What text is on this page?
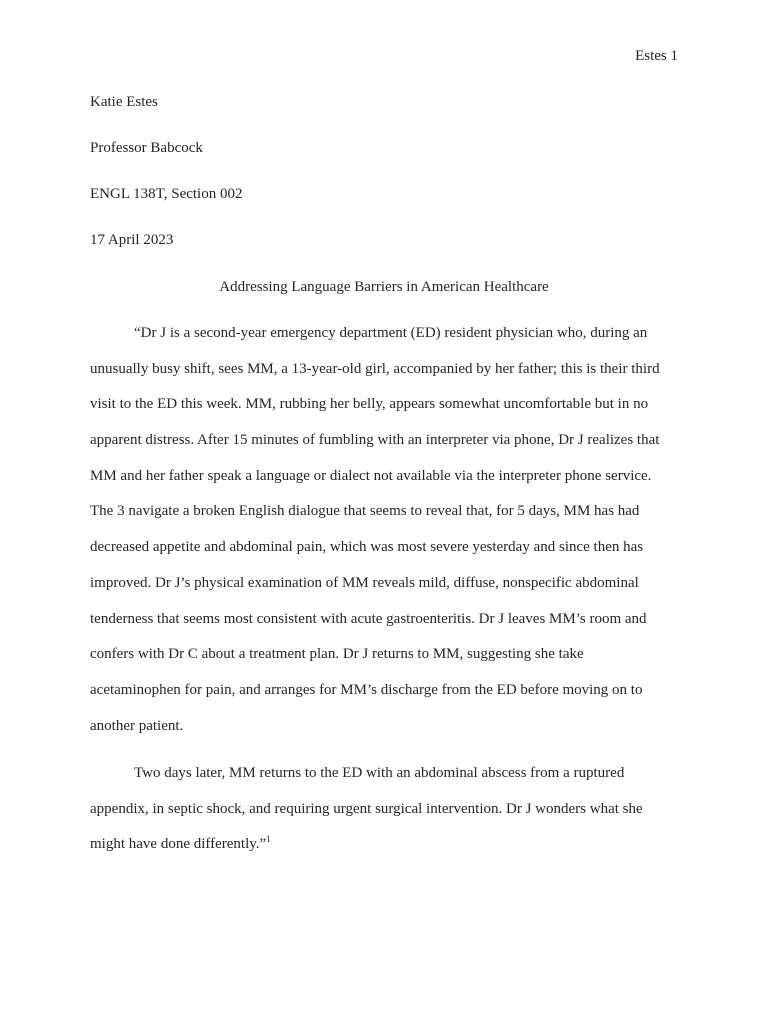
Estes 1
Katie Estes
Professor Babcock
ENGL 138T, Section 002
17 April 2023
Addressing Language Barriers in American Healthcare
“Dr J is a second-year emergency department (ED) resident physician who, during an
unusually busy shift, sees MM, a 13-year-old girl, accompanied by her father; this is their third
visit to the ED this week. MM, rubbing her belly, appears somewhat uncomfortable but in no
apparent distress. After 15 minutes of fumbling with an interpreter via phone, Dr J realizes that
MM and her father speak a language or dialect not available via the interpreter phone service.
The 3 navigate a broken English dialogue that seems to reveal that, for 5 days, MM has had
decreased appetite and abdominal pain, which was most severe yesterday and since then has
improved. Dr J’s physical examination of MM reveals mild, diffuse, nonspecific abdominal
tenderness that seems most consistent with acute gastroenteritis. Dr J leaves MM’s room and
confers with Dr C about a treatment plan. Dr J returns to MM, suggesting she take
acetaminophen for pain, and arranges for MM’s discharge from the ED before moving on to
another patient.
Two days later, MM returns to the ED with an abdominal abscess from a ruptured
appendix, in septic shock, and requiring urgent surgical intervention. Dr J wonders what she
might have done differently.”$^1$
